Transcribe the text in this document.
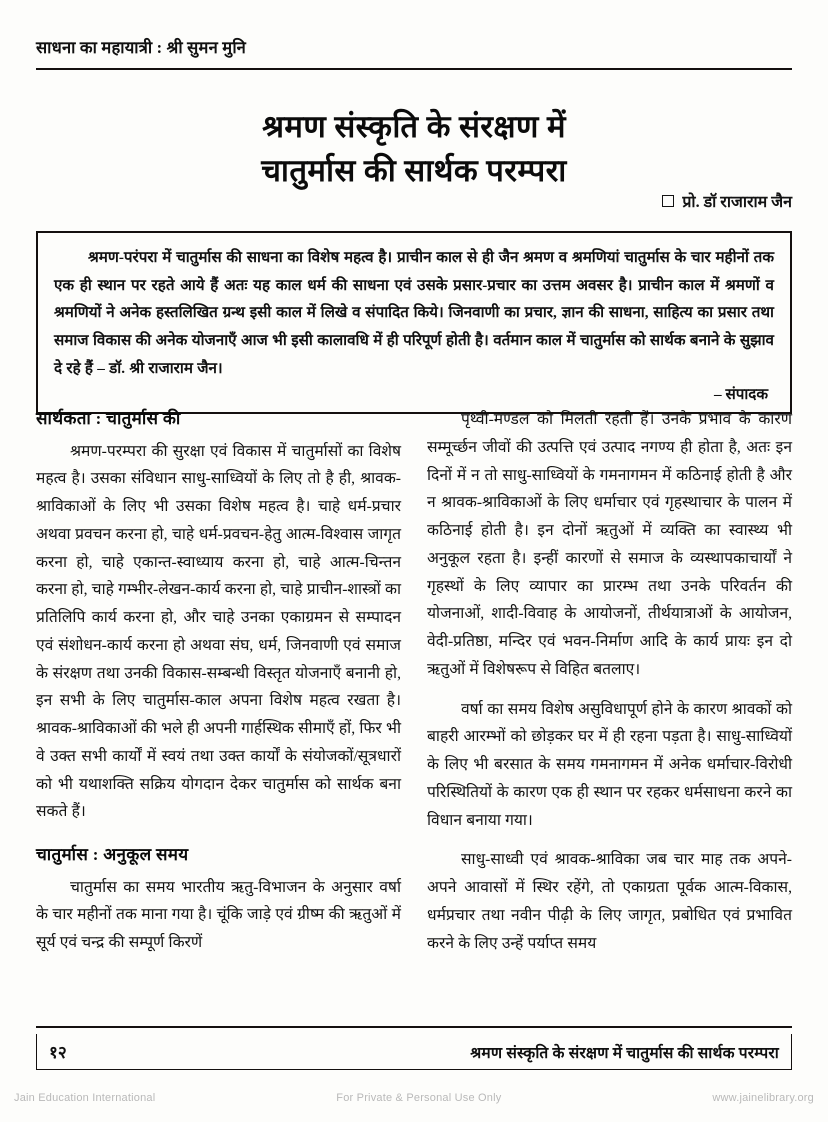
साधना का महायात्री : श्री सुमन मुनि
श्रमण संस्कृति के संरक्षण में
चातुर्मास की सार्थक परम्परा
प्रो. डॉ राजाराम जैन
श्रमण-परंपरा में चातुर्मास की साधना का विशेष महत्व है। प्राचीन काल से ही जैन श्रमण व श्रमणियां चातुर्मास के चार महीनों तक एक ही स्थान पर रहते आये हैं अतः यह काल धर्म की साधना एवं उसके प्रसार-प्रचार का उत्तम अवसर है। प्राचीन काल में श्रमणों व श्रमणियों ने अनेक हस्तलिखित ग्रन्थ इसी काल में लिखे व संपादित किये। जिनवाणी का प्रचार, ज्ञान की साधना, साहित्य का प्रसार तथा समाज विकास की अनेक योजनाएँ आज भी इसी कालावधि में ही परिपूर्ण होती है। वर्तमान काल में चातुर्मास को सार्थक बनाने के सुझाव दे रहे हैं – डॉ. श्री राजाराम जैन।
– संपादक
सार्थकता : चातुर्मास की

श्रमण-परम्परा की सुरक्षा एवं विकास में चातुर्मासों का विशेष महत्व है। उसका संविधान साधु-साध्वियों के लिए तो है ही, श्रावक-श्राविकाओं के लिए भी उसका विशेष महत्व है। चाहे धर्म-प्रचार अथवा प्रवचन करना हो, चाहे धर्म-प्रवचन-हेतु आत्म-विश्वास जागृत करना हो, चाहे एकान्त-स्वाध्याय करना हो, चाहे आत्म-चिन्तन करना हो, चाहे गम्भीर-लेखन-कार्य करना हो, चाहे प्राचीन-शास्त्रों का प्रतिलिपि कार्य करना हो, और चाहे उनका एकाग्रमन से सम्पादन एवं संशोधन-कार्य करना हो अथवा संघ, धर्म, जिनवाणी एवं समाज के संरक्षण तथा उनकी विकास-सम्बन्धी विस्तृत योजनाएँ बनानी हो, इन सभी के लिए चातुर्मास-काल अपना विशेष महत्व रखता है। श्रावक-श्राविकाओं की भले ही अपनी गार्हस्थिक सीमाएँ हों, फिर भी वे उक्त सभी कार्यों में स्वयं तथा उक्त कार्यों के संयोजकों/सूत्रधारों को भी यथाशक्ति सक्रिय योगदान देकर चातुर्मास को सार्थक बना सकते हैं।

चातुर्मास : अनुकूल समय

चातुर्मास का समय भारतीय ऋतु-विभाजन के अनुसार वर्षा के चार महीनों तक माना गया है। चूंकि जाड़े एवं ग्रीष्म की ऋतुओं में सूर्य एवं चन्द्र की सम्पूर्ण किरणें

पृथ्वी-मण्डल को मिलती रहती हैं। उनके प्रभाव के कारण सम्मूर्च्छन जीवों की उत्पत्ति एवं उत्पाद नगण्य ही होता है, अतः इन दिनों में न तो साधु-साध्वियों के गमनागमन में कठिनाई होती है और न श्रावक-श्राविकाओं के लिए धर्माचार एवं गृहस्थाचार के पालन में कठिनाई होती है। इन दोनों ऋतुओं में व्यक्ति का स्वास्थ्य भी अनुकूल रहता है। इन्हीं कारणों से समाज के व्यस्थापकाचार्यों ने गृहस्थों के लिए व्यापार का प्रारम्भ तथा उनके परिवर्तन की योजनाओं, शादी-विवाह के आयोजनों, तीर्थयात्राओं के आयोजन, वेदी-प्रतिष्ठा, मन्दिर एवं भवन-निर्माण आदि के कार्य प्रायः इन दो ऋतुओं में विशेषरूप से विहित बतलाए।

वर्षा का समय विशेष असुविधापूर्ण होने के कारण श्रावकों को बाहरी आरम्भों को छोड़कर घर में ही रहना पड़ता है। साधु-साध्वियों के लिए भी बरसात के समय गमनागमन में अनेक धर्माचार-विरोधी परिस्थितियों के कारण एक ही स्थान पर रहकर धर्मसाधना करने का विधान बनाया गया।

साधु-साध्वी एवं श्रावक-श्राविका जब चार माह तक अपने-अपने आवासों में स्थिर रहेंगे, तो एकाग्रता पूर्वक आत्म-विकास, धर्मप्रचार तथा नवीन पीढ़ी के लिए जागृत, प्रबोधित एवं प्रभावित करने के लिए उन्हें पर्याप्त समय

१२	श्रमण संस्कृति के संरक्षण में चातुर्मास की सार्थक परम्परा
Jain Education International	For Private & Personal Use Only	www.jainelibrary.org
